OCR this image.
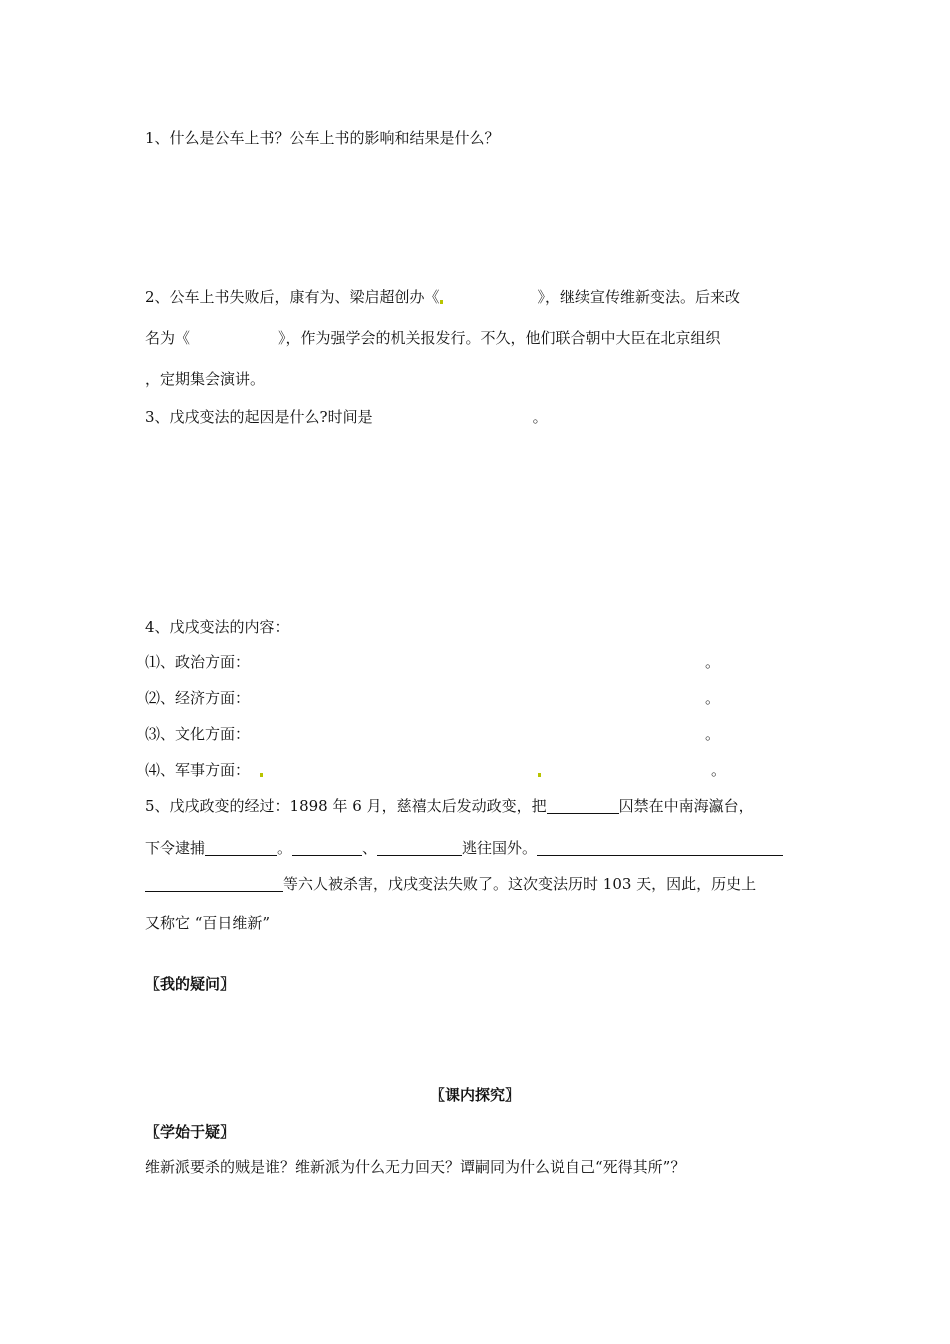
1、什么是公车上书？公车上书的影响和结果是什么？
2、公车上书失败后，康有为、梁启超创办《	》，继续宣传维新变法。后来改
名为《	》，作为强学会的机关报发行。不久，他们联合朝中大臣在北京组织
，定期集会演讲。
3、戊戌变法的起因是什么?时间是	。
4、戊戌变法的内容：
⑴、政治方面：	。
⑵、经济方面：	。
⑶、文化方面：	。
⑷、军事方面：	。
5、戊戌政变的经过：1898 年 6 月，慈禧太后发动政变，把	囚禁在中南海瀛台，
下令逮捕	。	、	逃往国外。
等六人被杀害，戊戌变法失败了。这次变法历时 103 天，因此，历史上
又称它 “百日维新”
〖我的疑问〗
〖课内探究〗
〖学始于疑〗
维新派要杀的贼是谁？维新派为什么无力回天？谭嗣同为什么说自己“死得其所”？
